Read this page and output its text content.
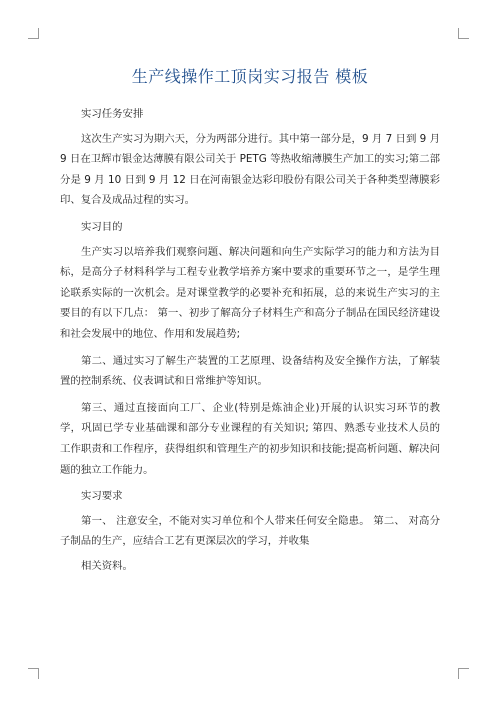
生产线操作工顶岗实习报告 模板

实习任务安排

这次生产实习为期六天，分为两部分进行。其中第一部分是，9 月 7 日到 9 月 9 日在卫辉市银金达薄膜有限公司关于 PETG 等热收缩薄膜生产加工的实习;第二部分是 9 月 10 日到 9 月 12 日在河南银金达彩印股份有限公司关于各种类型薄膜彩印、复合及成品过程的实习。

实习目的

生产实习以培养我们观察问题、解决问题和向生产实际学习的能力和方法为目标，是高分子材料科学与工程专业教学培养方案中要求的重要环节之一，是学生理论联系实际的一次机会。是对课堂教学的必要补充和拓展，总的来说生产实习的主要目的有以下几点： 第一、初步了解高分子材料生产和高分子制品在国民经济建设和社会发展中的地位、作用和发展趋势;

第二、通过实习了解生产装置的工艺原理、设备结构及安全操作方法，了解装置的控制系统、仪表调试和日常维护等知识。

第三、通过直接面向工厂、企业(特别是炼油企业)开展的认识实习环节的教学，巩固已学专业基础课和部分专业课程的有关知识; 第四、熟悉专业技术人员的工作职责和工作程序，获得组织和管理生产的初步知识和技能;提高析问题、解决问题的独立工作能力。

实习要求

第一、 注意安全，不能对实习单位和个人带来任何安全隐患。 第二、 对高分子制品的生产，应结合工艺有更深层次的学习，并收集

相关资料。
